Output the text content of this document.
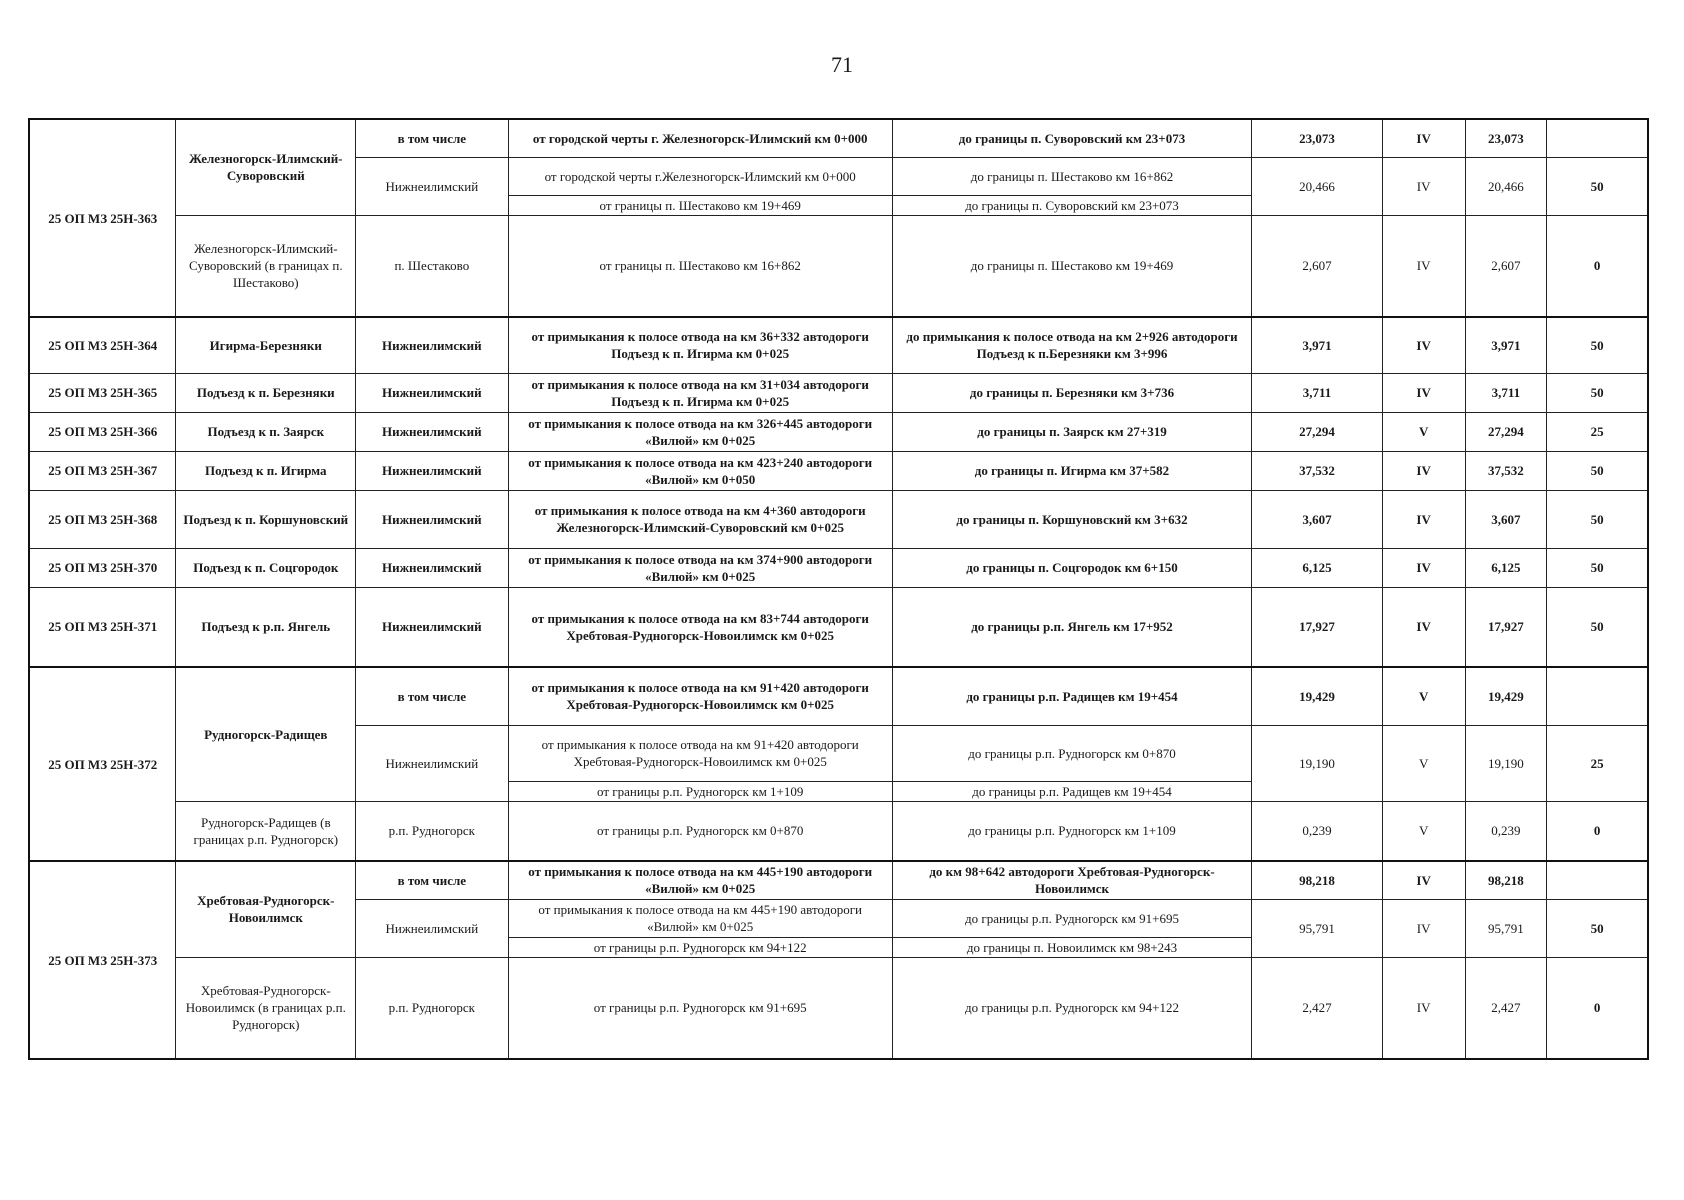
71
25 ОП МЗ 25Н-363	Железногорск-Илимский-Суворовский	в том числе	от городской черты г. Железногорск-Илимский км 0+000	до границы п. Суворовский км 23+073	23,073	IV	23,073	
		Нижнеилимский	от городской черты г.Железногорск-Илимский км 0+000	до границы п. Шестаково км 16+862	20,466	IV	20,466	50
			от границы п. Шестаково км 19+469	до границы п. Суворовский км 23+073				
	Железногорск-Илимский-Суворовский (в границах п. Шестаково)	п. Шестаково	от границы п. Шестаково км 16+862	до границы п. Шестаково км 19+469	2,607	IV	2,607	0
25 ОП МЗ 25Н-364	Игирма-Березняки	Нижнеилимский	от примыкания к полосе отвода на км 36+332 автодороги Подъезд к п. Игирма км 0+025	до примыкания к полосе отвода на км 2+926 автодороги Подъезд к п.Березняки км 3+996	3,971	IV	3,971	50
25 ОП МЗ 25Н-365	Подъезд к п. Березняки	Нижнеилимский	от примыкания к полосе отвода на км 31+034 автодороги Подъезд к п. Игирма км 0+025	до границы п. Березняки км 3+736	3,711	IV	3,711	50
25 ОП МЗ 25Н-366	Подъезд к п. Заярск	Нижнеилимский	от примыкания к полосе отвода на км 326+445 автодороги «Вилюй» км 0+025	до границы п. Заярск км 27+319	27,294	V	27,294	25
25 ОП МЗ 25Н-367	Подъезд к п. Игирма	Нижнеилимский	от примыкания к полосе отвода на км 423+240 автодороги «Вилюй» км 0+050	до границы п. Игирма км 37+582	37,532	IV	37,532	50
25 ОП МЗ 25Н-368	Подъезд к п. Коршуновский	Нижнеилимский	от примыкания к полосе отвода на км 4+360 автодороги Железногорск-Илимский-Суворовский км 0+025	до границы п. Коршуновский км 3+632	3,607	IV	3,607	50
25 ОП МЗ 25Н-370	Подъезд к п. Соцгородок	Нижнеилимский	от примыкания к полосе отвода на км 374+900 автодороги «Вилюй» км 0+025	до границы п. Соцгородок км 6+150	6,125	IV	6,125	50
25 ОП МЗ 25Н-371	Подъезд к р.п. Янгель	Нижнеилимский	от примыкания к полосе отвода на км 83+744 автодороги Хребтовая-Рудногорск-Новоилимск км 0+025	до границы р.п. Янгель км 17+952	17,927	IV	17,927	50
25 ОП МЗ 25Н-372	Рудногорск-Радищев	в том числе	от примыкания к полосе отвода на км 91+420 автодороги Хребтовая-Рудногорск-Новоилимск км 0+025	до границы р.п. Радищев км 19+454	19,429	V	19,429	
		Нижнеилимский	от примыкания к полосе отвода на км 91+420 автодороги Хребтовая-Рудногорск-Новоилимск км 0+025	до границы р.п. Рудногорск км 0+870	19,190	V	19,190	25
			от границы р.п. Рудногорск км 1+109	до границы р.п. Радищев км 19+454				
	Рудногорск-Радищев (в границах р.п. Рудногорск)	р.п. Рудногорск	от границы р.п. Рудногорск км 0+870	до границы р.п. Рудногорск км 1+109	0,239	V	0,239	0
25 ОП МЗ 25Н-373	Хребтовая-Рудногорск-Новоилимск	в том числе	от примыкания к полосе отвода на км 445+190 автодороги «Вилюй» км 0+025	до км 98+642 автодороги Хребтовая-Рудногорск-Новоилимск	98,218	IV	98,218	
		Нижнеилимский	от примыкания к полосе отвода на км 445+190 автодороги «Вилюй» км 0+025	до границы р.п. Рудногорск км 91+695	95,791	IV	95,791	50
			от границы р.п. Рудногорск км 94+122	до границы п. Новоилимск км 98+243				
	Хребтовая-Рудногорск-Новоилимск (в границах р.п. Рудногорск)	р.п. Рудногорск	от границы р.п. Рудногорск км 91+695	до границы р.п. Рудногорск км 94+122	2,427	IV	2,427	0
